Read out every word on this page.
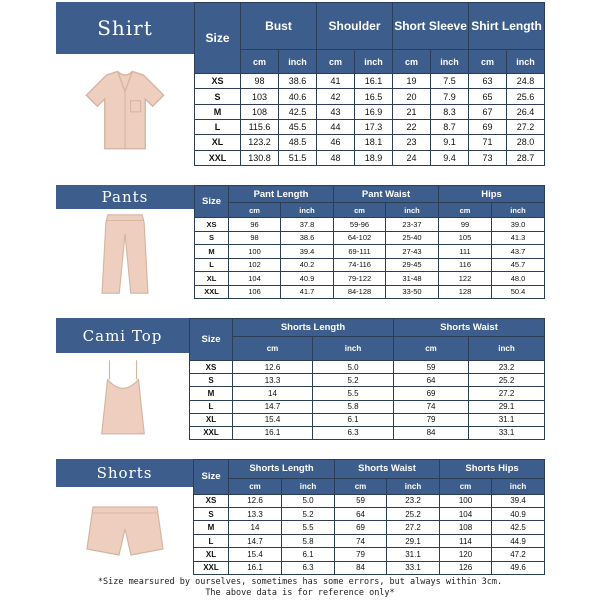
Shirt	Size	Bust		Shoulder		Short Sleeve		Shirt Length	
	cm	inch	cm	inch	cm	inch	cm	inch
XS	98	38.6	41	16.1	19	7.5	63	24.8
S	103	40.6	42	16.5	20	7.9	65	25.6
M	108	42.5	43	16.9	21	8.3	67	26.4
L	115.6	45.5	44	17.3	22	8.7	69	27.2
XL	123.2	48.5	46	18.1	23	9.1	71	28.0
XXL	130.8	51.5	48	18.9	24	9.4	73	28.7
Pants	Size	Pant Length		Pant Waist		Hips	
	cm	inch	cm	inch	cm	inch
XS	96	37.8	59-96	23-37	99	39.0
S	98	38.6	64-102	25-40	105	41.3
M	100	39.4	69-111	27-43	111	43.7
L	102	40.2	74-116	29-45	116	45.7
XL	104	40.9	79-122	31-48	122	48.0
XXL	106	41.7	84-128	33-50	128	50.4
Cami Top	Size	Shorts Length		Shorts Waist	
	cm	inch	cm	inch
XS	12.6	5.0	59	23.2
S	13.3	5.2	64	25.2
M	14	5.5	69	27.2
L	14.7	5.8	74	29.1
XL	15.4	6.1	79	31.1
XXL	16.1	6.3	84	33.1
Shorts	Size	Shorts Length		Shorts Waist		Shorts Hips	
	cm	inch	cm	inch	cm	inch
XS	12.6	5.0	59	23.2	100	39.4
S	13.3	5.2	64	25.2	104	40.9
M	14	5.5	69	27.2	108	42.5
L	14.7	5.8	74	29.1	114	44.9
XL	15.4	6.1	79	31.1	120	47.2
XXL	16.1	6.3	84	33.1	126	49.6
*Size mearsured by ourselves, sometimes has some errors, but always within 3cm.
The above data is for reference only*
